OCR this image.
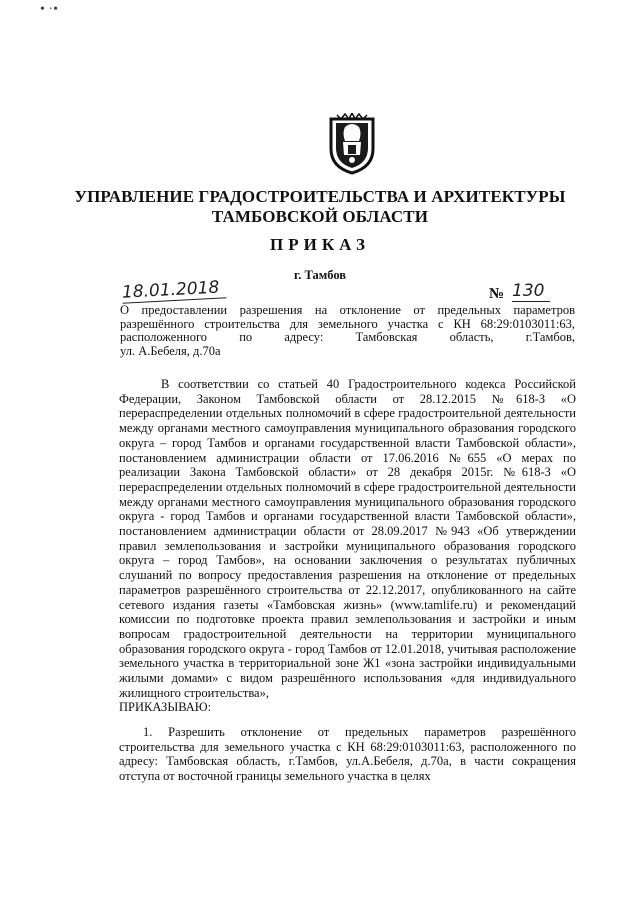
• ·•
УПРАВЛЕНИЕ ГРАДОСТРОИТЕЛЬСТВА И АРХИТЕКТУРЫ
ТАМБОВСКОЙ ОБЛАСТИ
ПРИКАЗ
г. Тамбов
18.01.2018	№ 130
О предоставлении разрешения на отклонение от предельных параметров
разрешённого строительства для земельного участка с КН 68:29:0103011:63,
расположенного по адресу: Тамбовская область, г.Тамбов,
ул. А.Бебеля, д.70а

В соответствии со статьей 40 Градостроительного кодекса Российской Федерации, Законом Тамбовской области от 28.12.2015 №618-З «О перераспределении отдельных полномочий в сфере градостроительной деятельности между органами местного самоуправления муниципального образования городского округа – город Тамбов и органами государственной власти Тамбовской области», постановлением администрации области от 17.06.2016 №655 «О мерах по реализации Закона Тамбовской области» от 28 декабря 2015г. №618-З «О перераспределении отдельных полномочий в сфере градостроительной деятельности между органами местного самоуправления муниципального образования городского округа - город Тамбов и органами государственной власти Тамбовской области», постановлением администрации области от 28.09.2017 №943 «Об утверждении правил землепользования и застройки муниципального образования городского округа – город Тамбов», на основании заключения о результатах публичных слушаний по вопросу предоставления разрешения на отклонение от предельных параметров разрешённого строительства от 22.12.2017, опубликованного на сайте сетевого издания газеты «Тамбовская жизнь» (www.tamlife.ru) и рекомендаций комиссии по подготовке проекта правил землепользования и застройки и иным вопросам градостроительной деятельности на территории муниципального образования городского округа - город Тамбов от 12.01.2018, учитывая расположение земельного участка в территориальной зоне Ж1 «зона застройки индивидуальными жилыми домами» с видом разрешённого использования «для индивидуального жилищного строительства»,

ПРИКАЗЫВАЮ:

1. Разрешить отклонение от предельных параметров разрешённого строительства для земельного участка с КН 68:29:0103011:63, расположенного по адресу: Тамбовская область, г.Тамбов, ул.А.Бебеля, д.70а, в части сокращения отступа от восточной границы земельного участка в целях
